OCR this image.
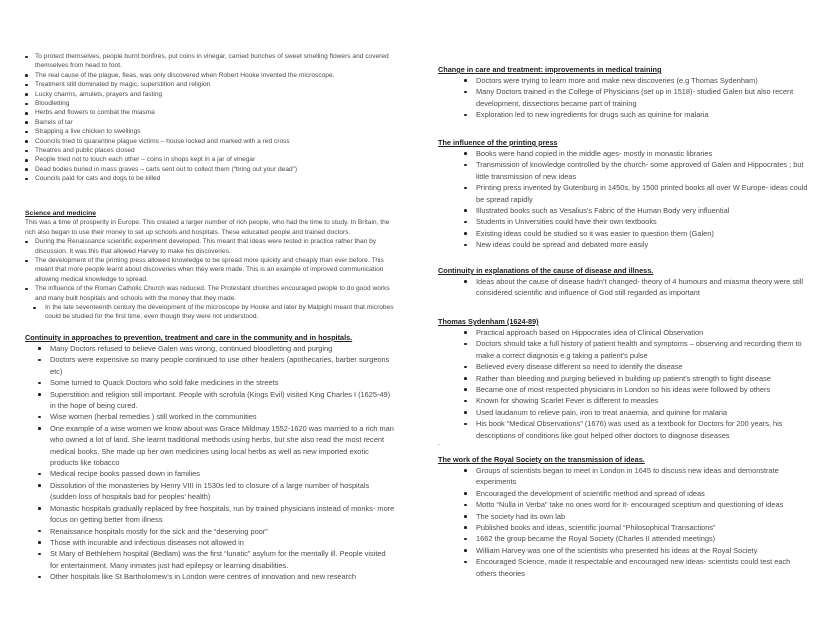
To protect themselves, people burnt bonfires, put coins in vinegar, carried bunches of sweet smelling flowers and covered themselves from head to foot.
The real cause of the plague, fleas, was only discovered when Robert Hooke invented the microscope.
Treatment still dominated by magic, superstition and religion
Lucky charms, amulets, prayers and fasting
Bloodletting
Herbs and flowers to combat the miasma
Barrels of tar
Strapping a live chicken to swellings
Councils tried to quarantine plague victims – house locked and marked with a red cross
Theatres and public places closed
People tried not to touch each other – coins in shops kept in a jar of vinegar
Dead bodies buried in mass graves – carts sent out to collect them (“bring out your dead”)
Councils paid for cats and dogs to be killed
Science and medicine

This was a time of prosperity in Europe. This created a larger number of rich people, who had the time to study. In Britain, the rich also began to use their money to set up schools and hospitals. These educated people and trained doctors.

During the Renaissance scientific experiment developed. This meant that ideas were tested in practice rather than by discussion. It was this that allowed Harvey to make his discoveries.
The development of the printing press allowed knowledge to be spread more quickly and cheaply than ever before. This meant that more people learnt about discoveries when they were made. This is an example of improved communication allowing medical knowledge to spread.
The influence of the Roman Catholic Church was reduced. The Protestant churches encouraged people to do good works and many built hospitals and schools with the money that they made.
In the late seventeenth century the development of the microscope by Hooke and later by Malpighi meant that microbes could be studied for the first time, even though they were not understood.
Continuity in approaches to prevention, treatment and care in the community and in hospitals.
Many Doctors refused to believe Galen was wrong, continued bloodletting and purging
Doctors were expensive so many people continued to use other healers (apothecaries, barber surgeons etc)
Some turned to Quack Doctors who sold fake medicines in the streets
Superstition and religion still important. People with scrofula (Kings Evil) visited King Charles I (1625-49) in the hope of being cured.
Wise women (herbal remedies ) still worked in the communities
One example of a wise women we know about was Grace Mildmay 1552-1620 was married to a rich man who owned a lot of land. She learnt traditional methods using herbs, but she also read the most recent medical books. She made up her own medicines using local herbs as well as new imported exotic products like tobacco
Medical recipe books passed down in families
Dissolution of the monasteries by Henry VIII in 1530s led to closure of a large number of hospitals (sudden loss of hospitals bad for peoples’ health)
Monastic hospitals gradually replaced by free hospitals, run by trained physicians instead of monks- more focus on getting better from illness
Renaissance hospitals mostly for the sick and the “deserving poor”
Those with incurable and infectious diseases not allowed in
St Mary of Bethlehem hospital (Bedlam) was the first “lunatic” asylum for the mentally ill. People visited for entertainment. Many inmates just had epilepsy or learning disabilities.
Other hospitals like St Bartholomew’s in London were centres of innovation and new research
Change in care and treatment: improvements in medical training
Doctors were trying to learn more and make new discoveries (e.g Thomas Sydenham)
Many Doctors trained in the College of Physicians (set up in 1518)- studied Galen but also recent development, dissections became part of training
Exploration led to new ingredients for drugs such as quinine for malaria
The influence of the printing press
Books were hand copied in the middle ages- mostly in monastic libraries
Transmission of knowledge controlled by the church- some approved of Galen and Hippocrates ; but little transmission of new ideas
Printing press invented by Gutenburg in 1450s, by 1500 printed books all over W Europe- ideas could be spread rapidly
Illustrated books such as Vesalius’s Fabric of the Human Body very influential
Students in Universities could have their own textbooks
Existing ideas could be studied so it was easier to question them (Galen)
New ideas could be spread and debated more easily
Continuity in explanations of the cause of disease and illness.
Ideas about the cause of disease hadn’t changed- theory of 4 humours and miasma theory were still considered scientific and influence of God still regarded as important
Thomas Sydenham (1624-89)
Practical approach based on Hippocrates idea of Clinical Observation
Doctors should take a full history of patient health and symptoms – observing and recording them to make a correct diagnosis e.g taking a patient’s pulse
Believed every disease different so need to identify the disease
Rather than bleeding and purging believed in building up patient’s strength to fight disease
Became one of most respected physicians in London so his ideas were followed by others
Known for showing Scarlet Fever is different to measles
Used laudanum to relieve pain, iron to treat anaemia, and quinine for malaria
His book “Medical Observations” (1676) was used as a textbook for Doctors for 200 years, his descriptions of conditions like gout helped other doctors to diagnose diseases
.
The work of the Royal Society on the transmission of ideas.
Groups of scientists began to meet in London in 1645 to discuss new ideas and demonstrate experiments
Encouraged the development of scientific method and spread of ideas
Motto “Nulla in Verba” take no ones word for it- encouraged sceptism and questioning of ideas
The society had its own lab
Published books and ideas, scientific journal “Philosophical Transactions”
1662 the group became the Royal Society (Charles II attended meetings)
William Harvey was one of the scientists who presented his ideas at the Royal Society
Encouraged Science, made it respectable and encouraged new ideas- scientists could test each others theories
